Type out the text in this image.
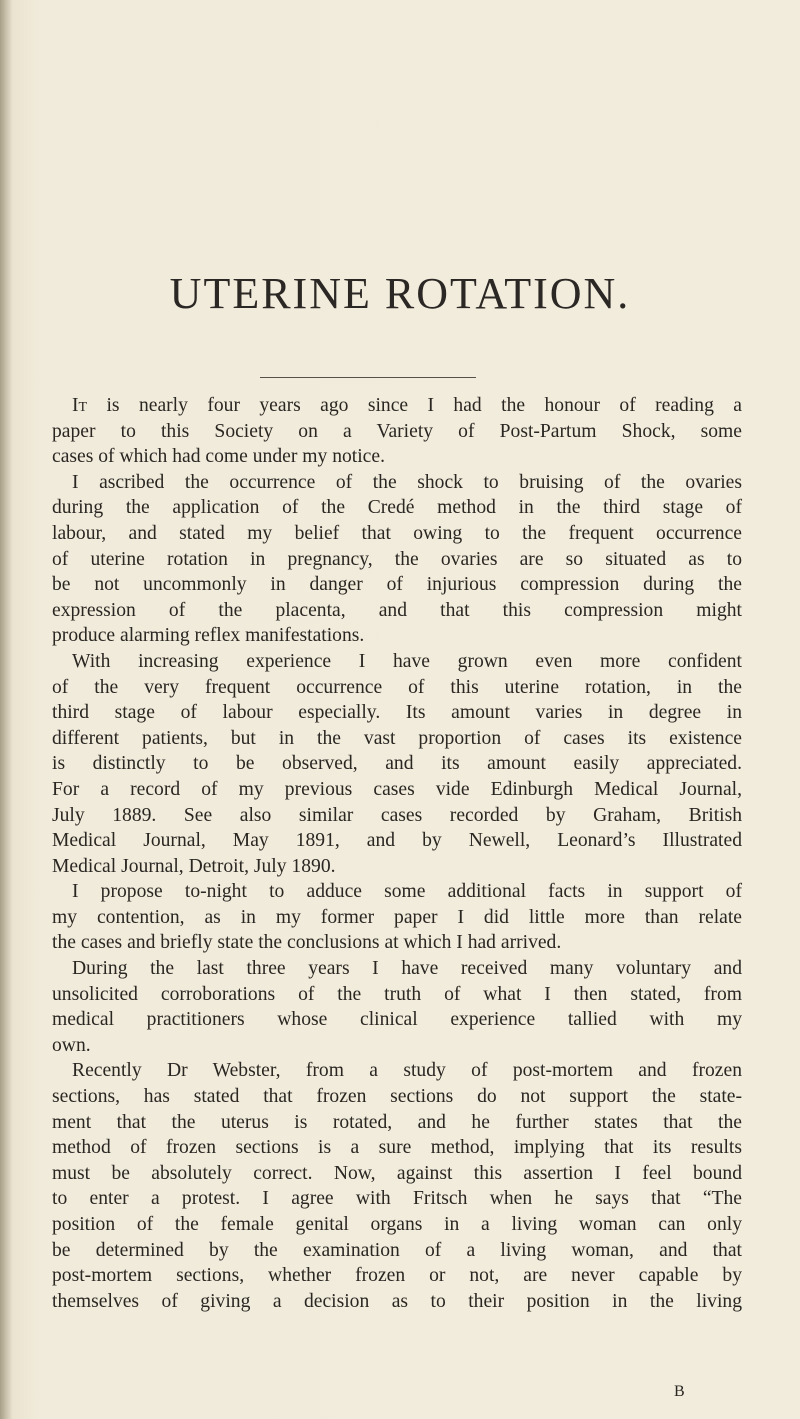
UTERINE ROTATION.
It is nearly four years ago since I had the honour of reading a
paper to this Society on a Variety of Post-Partum Shock, some
cases of which had come under my notice.
I ascribed the occurrence of the shock to bruising of the ovaries
during the application of the Credé method in the third stage of
labour, and stated my belief that owing to the frequent occurrence
of uterine rotation in pregnancy, the ovaries are so situated as to
be not uncommonly in danger of injurious compression during the
expression of the placenta, and that this compression might
produce alarming reflex manifestations.
With increasing experience I have grown even more confident
of the very frequent occurrence of this uterine rotation, in the
third stage of labour especially. Its amount varies in degree in
different patients, but in the vast proportion of cases its existence
is distinctly to be observed, and its amount easily appreciated.
For a record of my previous cases vide Edinburgh Medical Journal,
July 1889. See also similar cases recorded by Graham, British
Medical Journal, May 1891, and by Newell, Leonard’s Illustrated
Medical Journal, Detroit, July 1890.
I propose to-night to adduce some additional facts in support of
my contention, as in my former paper I did little more than relate
the cases and briefly state the conclusions at which I had arrived.
During the last three years I have received many voluntary and
unsolicited corroborations of the truth of what I then stated, from
medical practitioners whose clinical experience tallied with my
own.
Recently Dr Webster, from a study of post-mortem and frozen
sections, has stated that frozen sections do not support the state-
ment that the uterus is rotated, and he further states that the
method of frozen sections is a sure method, implying that its results
must be absolutely correct. Now, against this assertion I feel bound
to enter a protest. I agree with Fritsch when he says that “The
position of the female genital organs in a living woman can only
be determined by the examination of a living woman, and that
post-mortem sections, whether frozen or not, are never capable by
themselves of giving a decision as to their position in the living
B
